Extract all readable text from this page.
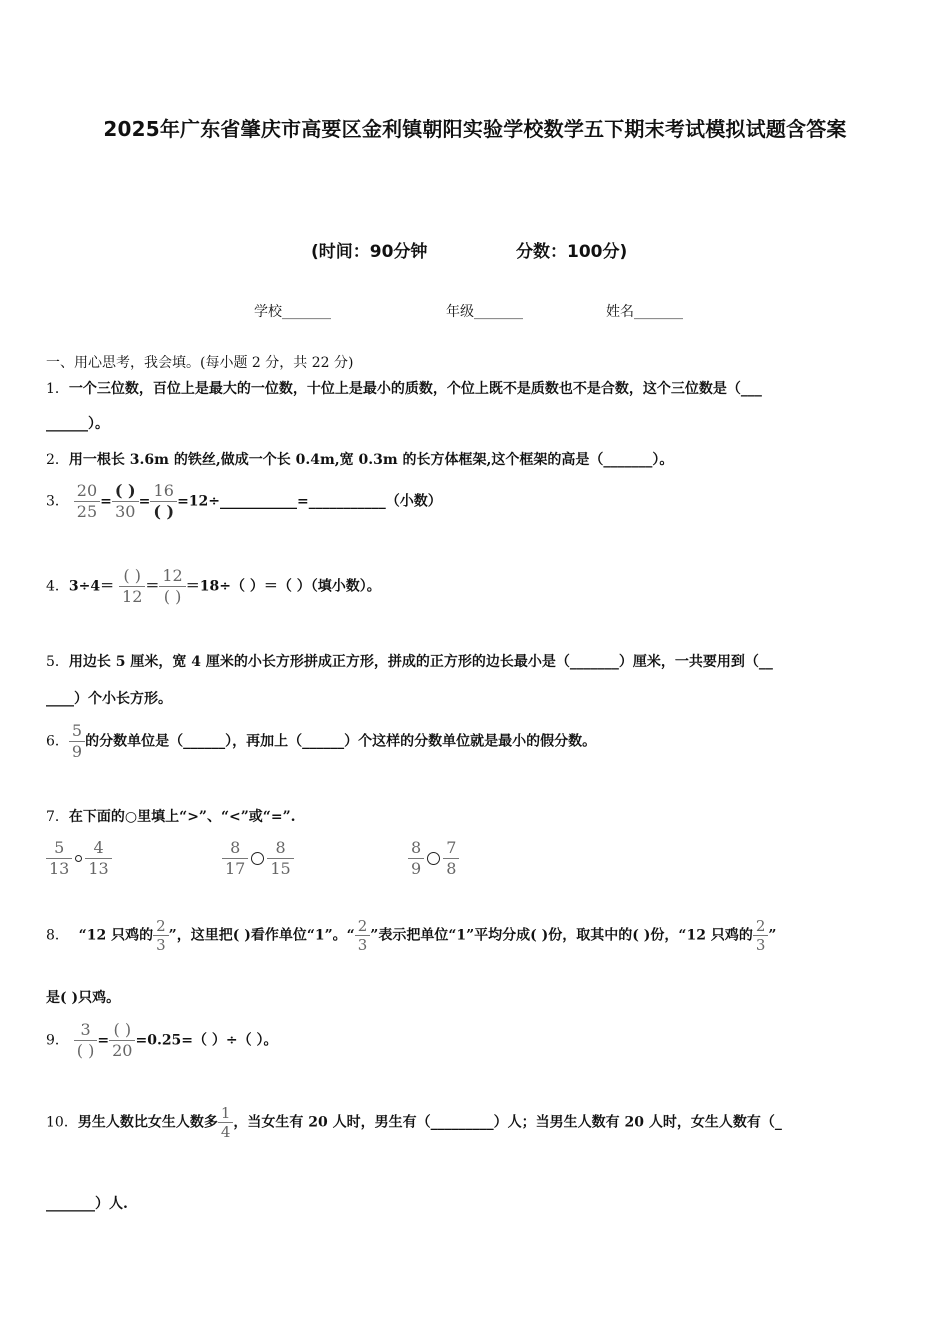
2025年广东省肇庆市高要区金利镇朝阳实验学校数学五下期末考试模拟试题含答案
(时间：90分钟	分数：100分)
学校_______	年级_______	姓名_______
一、用心思考，我会填。(每小题 2 分，共 22 分)
1．一个三位数，百位上是最大的一位数，十位上是最小的质数，个位上既不是质数也不是合数，这个三位数是（___
______）。
2．用一根长 3.6m 的铁丝,做成一个长 0.4m,宽 0.3m 的长方体框架,这个框架的高是（_______）。
3． $\frac{20}{25} = \frac{( )}{30} = \frac{16}{( )}$ =12÷___________=___________（小数）
4．$3\div 4= \frac{( )}{12} = \frac{12}{( )} =18\div$（ ）＝（ ）（填小数）。
5．用边长 5 厘米，宽 4 厘米的小长方形拼成正方形，拼成的正方形的边长最小是（_______）厘米，一共要用到（__
____）个小长方形。
6． $\frac{5}{9}$ 的分数单位是（______），再加上（______）个这样的分数单位就是最小的假分数。
7．在下面的○里填上“>”、“<”或“=”.
$\frac{5}{13} \frac{4}{13}$	$\frac{8}{17} \frac{8}{15}$	$\frac{8}{9} \frac{7}{8}$
8． “12 只鸡的 $\frac{2}{3}$ ”，这里把( )看作单位“1”。“ $\frac{2}{3}$ ”表示把单位“1”平均分成( )份，取其中的( )份，“12 只鸡的 $\frac{2}{3}$ ”
是( )只鸡。
9． $\frac{3}{( )} = \frac{( )}{20} =0.25=$（ ）÷（ ）。
10．男生人数比女生人数多 $\frac{1}{4}$ ，当女生有 20 人时，男生有（_________）人；当男生人数有 20 人时，女生人数有（_
_______）人.
